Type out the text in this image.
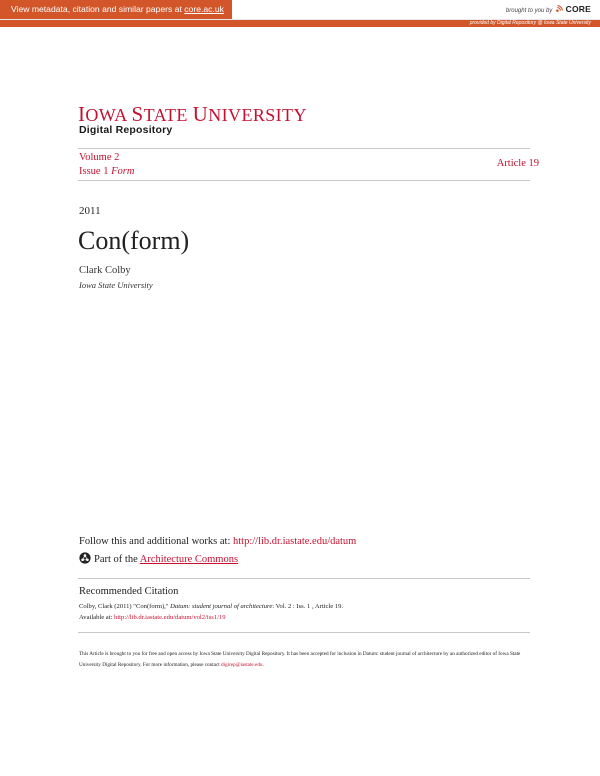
View metadata, citation and similar papers at core.ac.uk	brought to you by CORE
provided by Digital Repository @ Iowa State University
IOWA STATE UNIVERSITY
Digital Repository
Volume 2
Issue 1 Form
Article 19
2011
Con(form)
Clark Colby
Iowa State University
Follow this and additional works at: http://lib.dr.iastate.edu/datum
Part of the Architecture Commons
Recommended Citation
Colby, Clark (2011) "Con(form)," Datum: student journal of architecture: Vol. 2 : Iss. 1 , Article 19.
Available at: http://lib.dr.iastate.edu/datum/vol2/iss1/19
This Article is brought to you for free and open access by Iowa State University Digital Repository. It has been accepted for inclusion in Datum: student journal of architecture by an authorized editor of Iowa State University Digital Repository. For more information, please contact digirep@iastate.edu.
